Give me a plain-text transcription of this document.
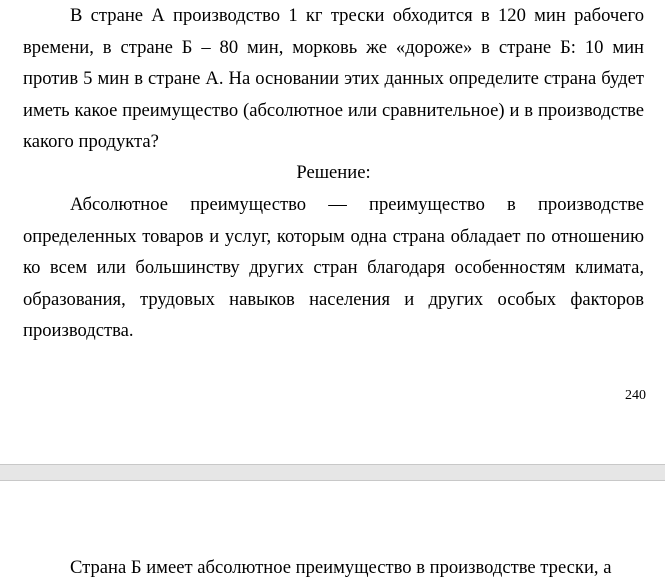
В стране А производство 1 кг трески обходится в 120 мин рабочего времени, в стране Б – 80 мин, морковь же «дороже» в стране Б: 10 мин против 5 мин в стране А. На основании этих данных определите страна будет иметь какое преимущество (абсолютное или сравнительное) и в производстве какого продукта?

Решение:

Абсолютное преимущество — преимущество в производстве определенных товаров и услуг, которым одна страна обладает по отношению ко всем или большинству других стран благодаря особенностям климата, образования, трудовых навыков населения и других особых факторов производства.

240

Страна Б имеет абсолютное преимущество в производстве трески, а
